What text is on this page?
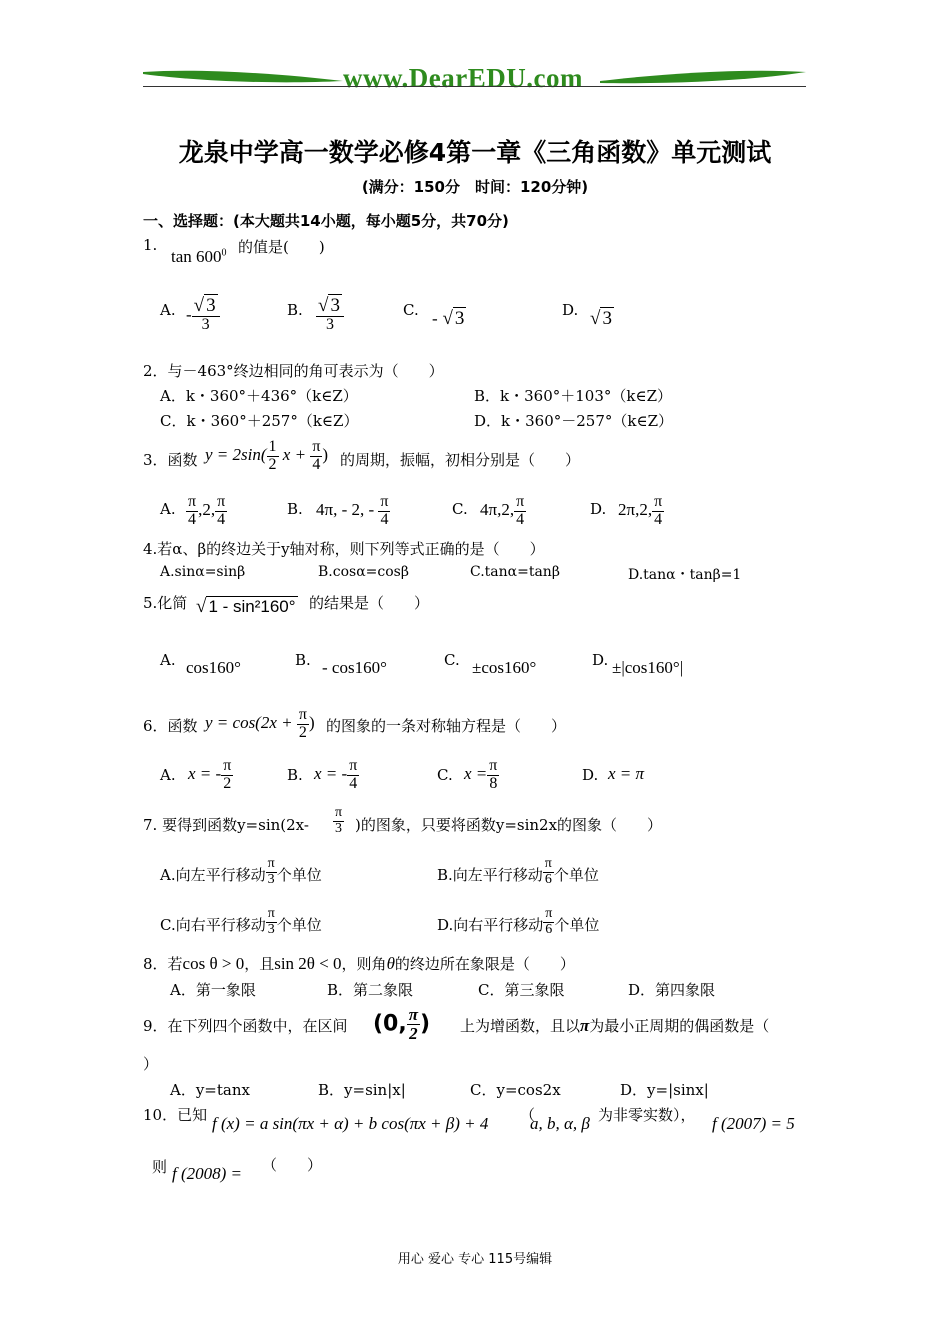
www.DearEDU.com
龙泉中学高一数学必修4第一章《三角函数》单元测试
(满分：150分　时间：120分钟)
一、选择题：(本大题共14小题，每小题5分，共70分)
1.
$\tan 600^0$ 的值是(　　)
A. - $\frac{√ 3}{3}$	B. $\frac{√ 3}{3}$	C. - √ 3	D. √ 3
2．与－463°终边相同的角可表示为（　　）
A．k・360°＋436°（k∈Z）	B．k・360°＋103°（k∈Z）
C．k・360°＋257°（k∈Z）	D．k・360°－257°（k∈Z）
3．函数 $y = 2\sin( \frac{1}{2}$ $x + \frac{\pi}{4}$ ) 的周期，振幅，初相分别是（　　）
A. $\frac{\pi}{4} ,2$, $\frac{\pi}{4}$	B. 4π, - 2, - $\frac{\pi}{4}$	C. 4π,2, $\frac{\pi}{4}$	D. 2π,2, $\frac{\pi}{4}$
4.若α、β的终边关于y轴对称，则下列等式正确的是（　　）
A.sinα=sinβ	B.cosα=cosβ	C.tanα=tanβ	D.tanα・tanβ=1
5.化简 √ 1 - sin²160° 的结果是（　　）
A. cos160°	B. - cos160°	C. ±cos160°	D. ±|cos160°|
6．函数 $y = \cos(2x + \frac{\pi}{2}$ ) 的图象的一条对称轴方程是（　　）
A. x = - $\frac{\pi}{2}$	B. x = - $\frac{\pi}{4}$	C. $x = \frac{\pi}{8}$	D. x = π
7. 要得到函数$y=\sin(2x- \frac{\pi}{3}$ )的图象，只要将函数y=sin2x的图象（　　）
A.向左平行移动 $\frac{\pi}{3}$ 个单位	B.向左平行移动 $\frac{\pi}{6}$ 个单位
C.向右平行移动 $\frac{\pi}{3}$ 个单位	D.向右平行移动 $\frac{\pi}{6}$ 个单位
8．若cos θ > 0，且sin 2θ < 0，则角θ的终边所在象限是（　　）
A．第一象限	B．第二象限	C．第三象限	D．第四象限
9．在下列四个函数中，在区间 (0, $\frac{\pi}{2}$ ) 上为增函数，且以π为最小正周期的偶函数是（
）
A．y=tanx	B．y=sin|x|	C．y=cos2x	D．y=|sinx|
10．已知 f (x) = a sin(πx + α) + b cos(πx + β) + 4 （
a, b, α, β 为非零实数）， f (2007) = 5
则 f (2008) = （　　）
用心 爱心 专心 115号编辑
